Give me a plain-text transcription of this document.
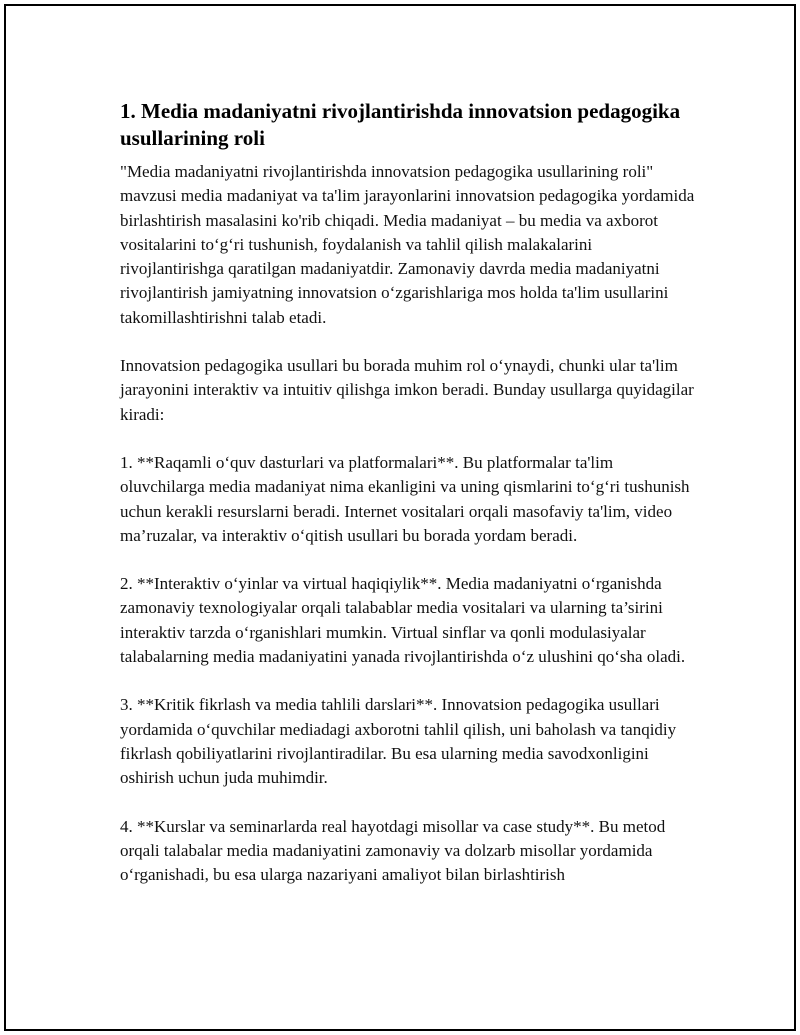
1. Media madaniyatni rivojlantirishda innovatsion pedagogika usullarining roli

"Media madaniyatni rivojlantirishda innovatsion pedagogika usullarining roli" mavzusi media madaniyat va ta'lim jarayonlarini innovatsion pedagogika yordamida birlashtirish masalasini ko'rib chiqadi. Media madaniyat – bu media va axborot vositalarini to‘g‘ri tushunish, foydalanish va tahlil qilish malakalarini rivojlantirishga qaratilgan madaniyatdir. Zamonaviy davrda media madaniyatni rivojlantirish jamiyatning innovatsion o‘zgarishlariga mos holda ta'lim usullarini takomillashtirishni talab etadi.

Innovatsion pedagogika usullari bu borada muhim rol o‘ynaydi, chunki ular ta'lim jarayonini interaktiv va intuitiv qilishga imkon beradi. Bunday usullarga quyidagilar kiradi:

1. **Raqamli o‘quv dasturlari va platformalari**. Bu platformalar ta'lim oluvchilarga media madaniyat nima ekanligini va uning qismlarini to‘g‘ri tushunish uchun kerakli resurslarni beradi. Internet vositalari orqali masofaviy ta'lim, video ma’ruzalar, va interaktiv o‘qitish usullari bu borada yordam beradi.

2. **Interaktiv o‘yinlar va virtual haqiqiylik**. Media madaniyatni o‘rganishda zamonaviy texnologiyalar orqali talabablar media vositalari va ularning ta’sirini interaktiv tarzda o‘rganishlari mumkin. Virtual sinflar va qonli modulasiyalar talabalarning media madaniyatini yanada rivojlantirishda o‘z ulushini qo‘sha oladi.

3. **Kritik fikrlash va media tahlili darslari**. Innovatsion pedagogika usullari yordamida o‘quvchilar mediadagi axborotni tahlil qilish, uni baholash va tanqidiy fikrlash qobiliyatlarini rivojlantiradilar. Bu esa ularning media savodxonligini oshirish uchun juda muhimdir.

4. **Kurslar va seminarlarda real hayotdagi misollar va case study**. Bu metod orqali talabalar media madaniyatini zamonaviy va dolzarb misollar yordamida o‘rganishadi, bu esa ularga nazariyani amaliyot bilan birlashtirish
